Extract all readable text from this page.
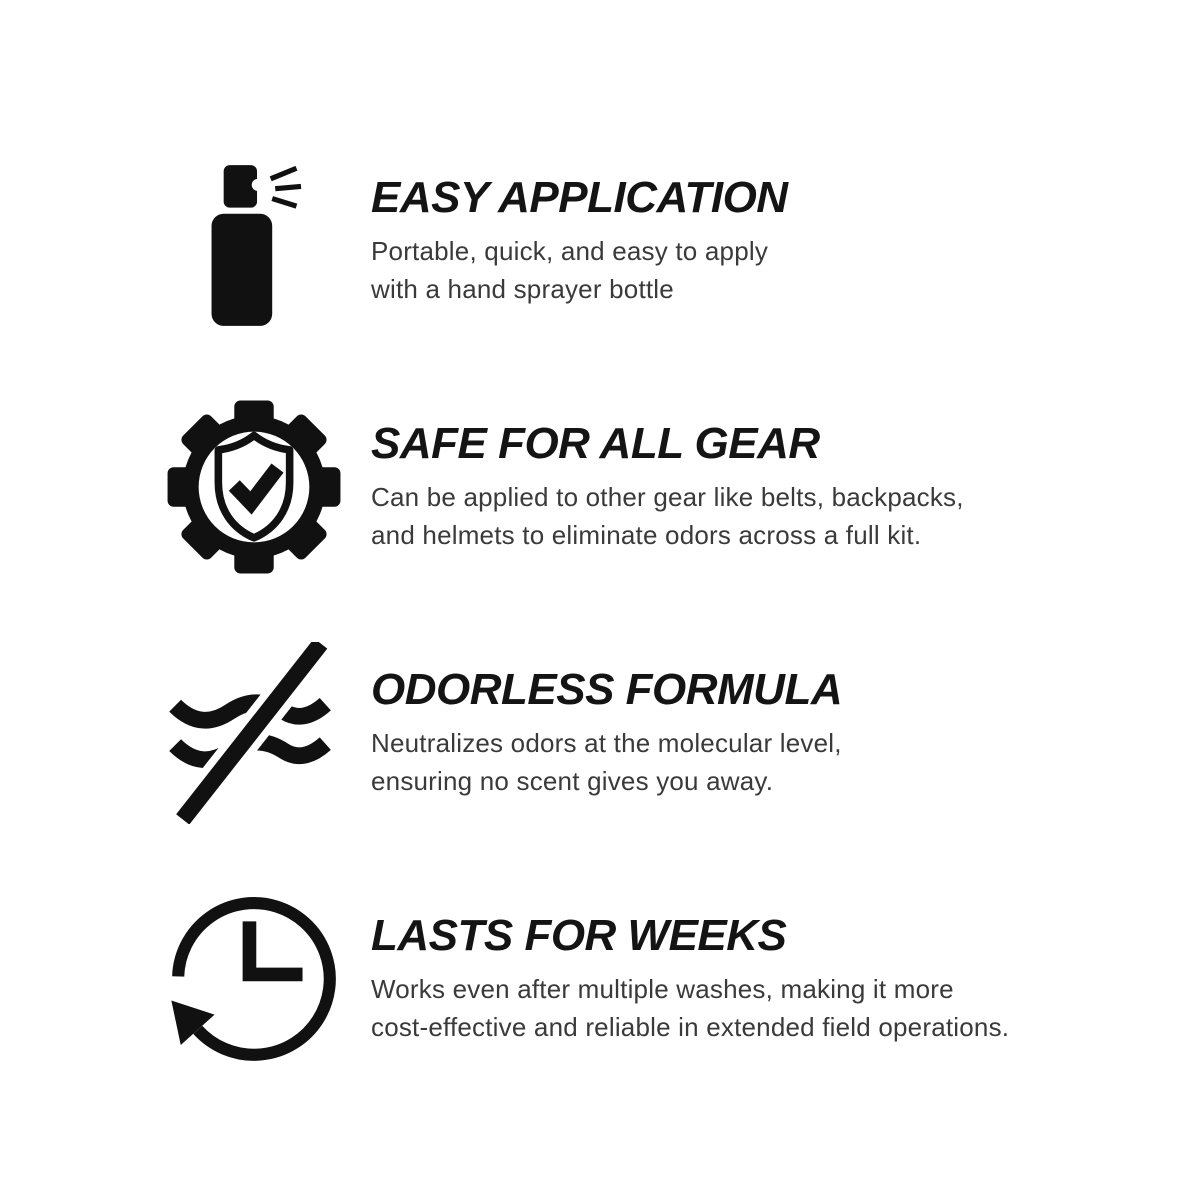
EASY APPLICATION
Portable, quick, and easy to apply
with a hand sprayer bottle
SAFE FOR ALL GEAR
Can be applied to other gear like belts, backpacks,
and helmets to eliminate odors across a full kit.
ODORLESS FORMULA
Neutralizes odors at the molecular level,
ensuring no scent gives you away.
LASTS FOR WEEKS
Works even after multiple washes, making it more
cost-effective and reliable in extended field operations.
